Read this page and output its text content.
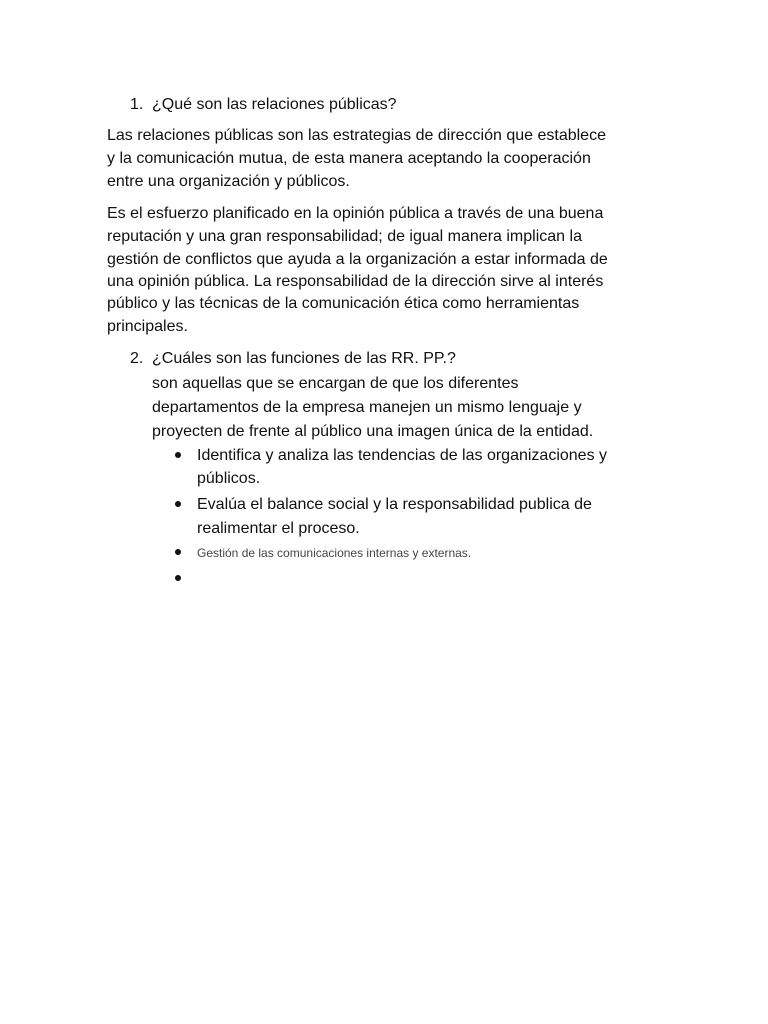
1. ¿Qué son las relaciones públicas?
Las relaciones públicas son las estrategias de dirección que establece
y la comunicación mutua, de esta manera aceptando la cooperación
entre una organización y públicos.
Es el esfuerzo planificado en la opinión pública a través de una buena
reputación y una gran responsabilidad; de igual manera implican la
gestión de conflictos que ayuda a la organización a estar informada de
una opinión pública. La responsabilidad de la dirección sirve al interés
público y las técnicas de la comunicación ética como herramientas
principales.
2. ¿Cuáles son las funciones de las RR. PP.?
son aquellas que se encargan de que los diferentes
departamentos de la empresa manejen un mismo lenguaje y
proyecten de frente al público una imagen única de la entidad.
Identifica y analiza las tendencias de las organizaciones y
públicos.
Evalúa el balance social y la responsabilidad publica de
realimentar el proceso.
Gestión de las comunicaciones internas y externas.
